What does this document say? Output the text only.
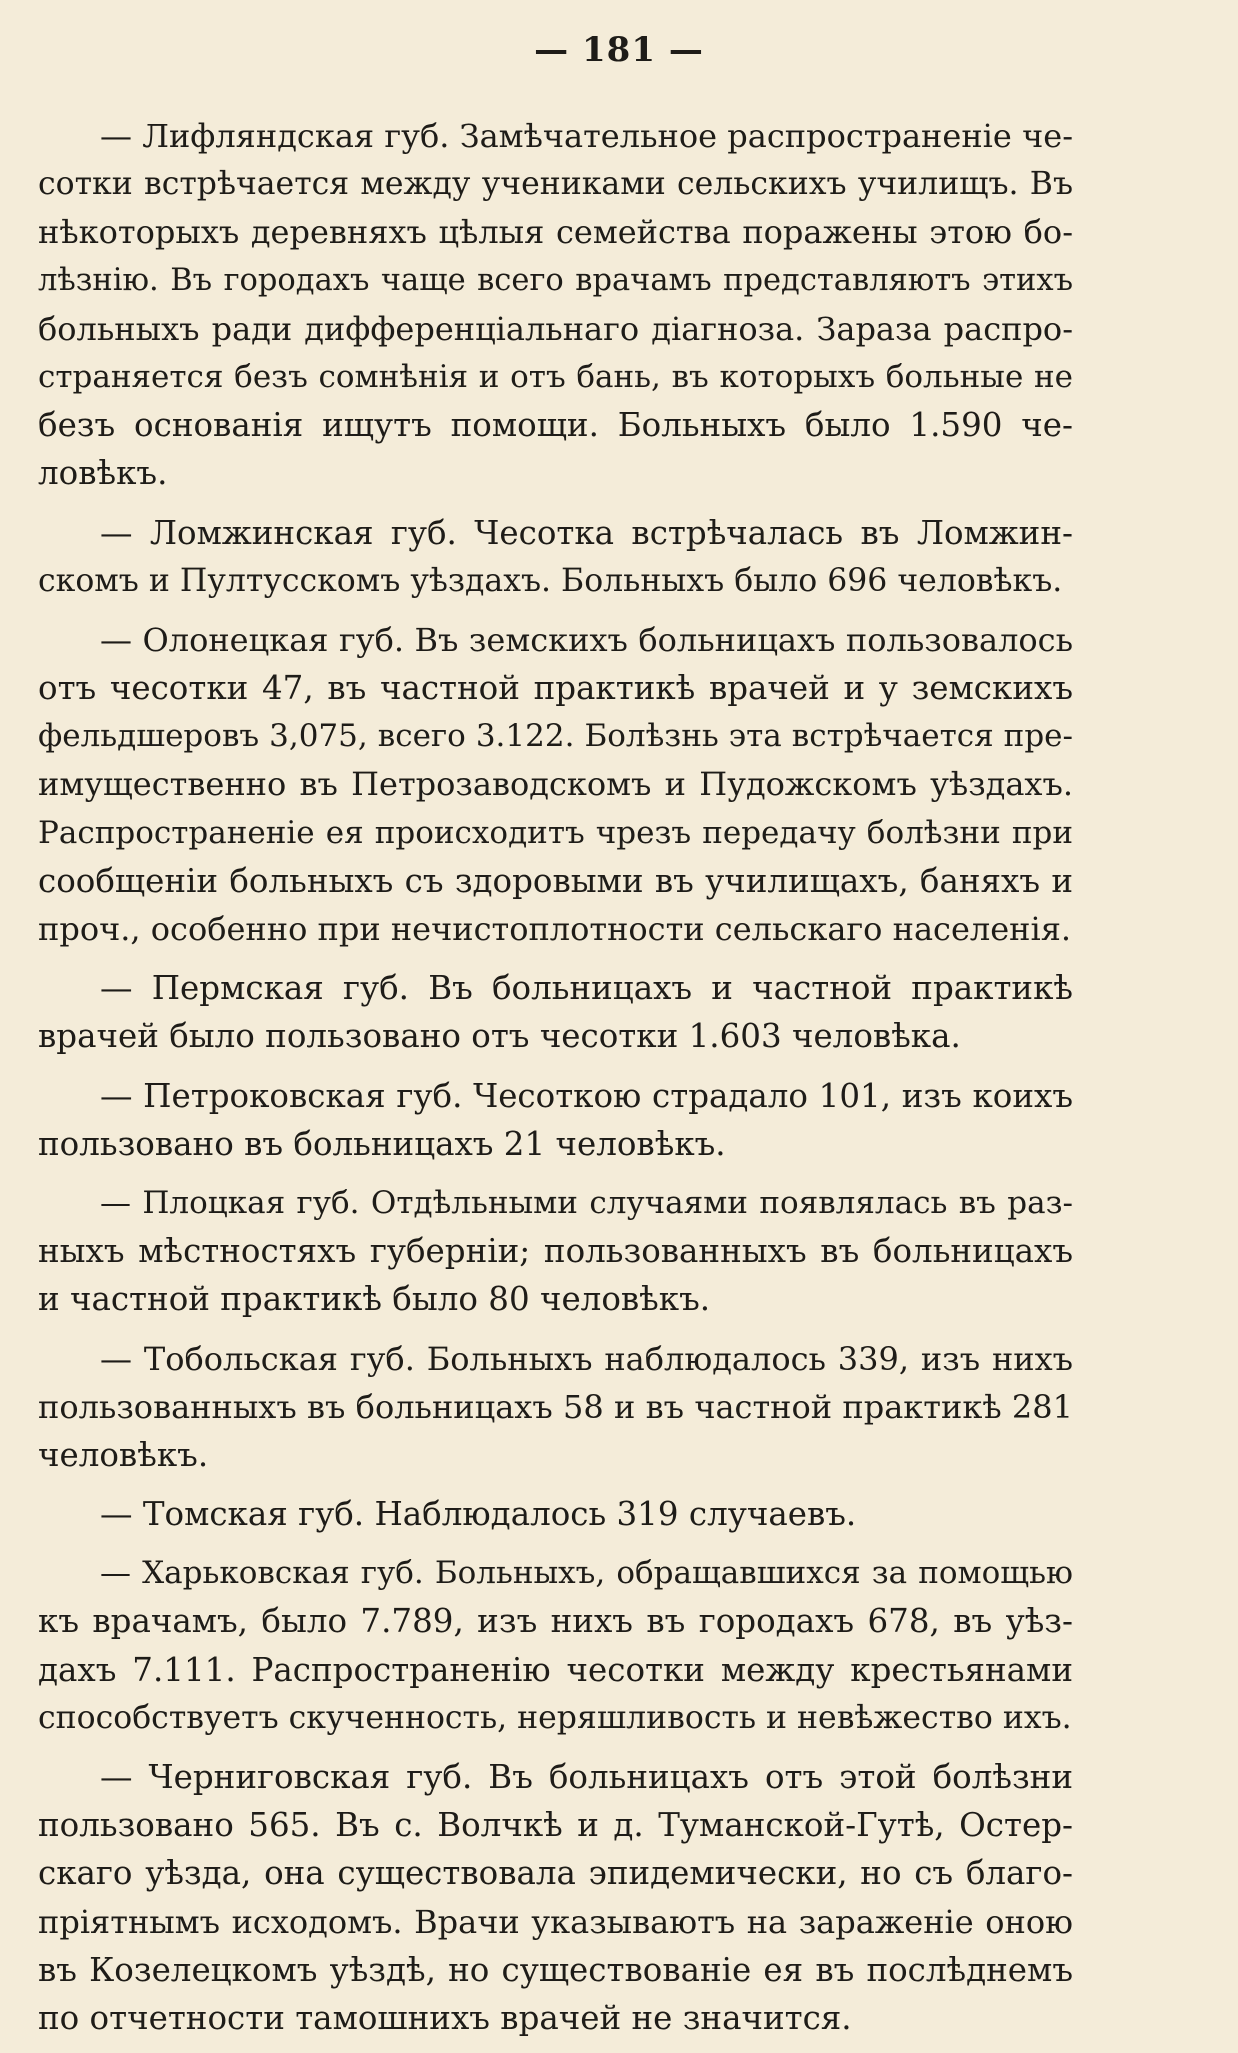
— 181 —
— Лифляндская губ. Замѣчательное распространеніе че-
сотки встрѣчается между учениками сельскихъ училищъ. Въ
нѣкоторыхъ деревняхъ цѣлыя семейства поражены этою бо-
лѣзнію. Въ городахъ чаще всего врачамъ представляютъ этихъ
больныхъ ради дифференціальнаго діагноза. Зараза распро-
страняется безъ сомнѣнія и отъ бань, въ которыхъ больные не
безъ основанія ищутъ помощи. Больныхъ было 1.590 че-
ловѣкъ.
— Ломжинская губ. Чесотка встрѣчалась въ Ломжин-
скомъ и Пултусскомъ уѣздахъ. Больныхъ было 696 человѣкъ.
— Олонецкая губ. Въ земскихъ больницахъ пользовалось
отъ чесотки 47, въ частной практикѣ врачей и у земскихъ
фельдшеровъ 3,075, всего 3.122. Болѣзнь эта встрѣчается пре-
имущественно въ Петрозаводскомъ и Пудожскомъ уѣздахъ.
Распространеніе ея происходитъ чрезъ передачу болѣзни при
сообщеніи больныхъ съ здоровыми въ училищахъ, баняхъ и
проч., особенно при нечистоплотности сельскаго населенія.
— Пермская губ. Въ больницахъ и частной практикѣ
врачей было пользовано отъ чесотки 1.603 человѣка.
— Петроковская губ. Чесоткою страдало 101, изъ коихъ
пользовано въ больницахъ 21 человѣкъ.
— Плоцкая губ. Отдѣльными случаями появлялась въ раз-
ныхъ мѣстностяхъ губерніи; пользованныхъ въ больницахъ
и частной практикѣ было 80 человѣкъ.
— Тобольская губ. Больныхъ наблюдалось 339, изъ нихъ
пользованныхъ въ больницахъ 58 и въ частной практикѣ 281
человѣкъ.
— Томская губ. Наблюдалось 319 случаевъ.
— Харьковская губ. Больныхъ, обращавшихся за помощью
къ врачамъ, было 7.789, изъ нихъ въ городахъ 678, въ уѣз-
дахъ 7.111. Распространенію чесотки между крестьянами
способствуетъ скученность, неряшливость и невѣжество ихъ.
— Черниговская губ. Въ больницахъ отъ этой болѣзни
пользовано 565. Въ с. Волчкѣ и д. Туманской-Гутѣ, Остер-
скаго уѣзда, она существовала эпидемически, но съ благо-
пріятнымъ исходомъ. Врачи указываютъ на зараженіе оною
въ Козелецкомъ уѣздѣ, но существованіе ея въ послѣднемъ
по отчетности тамошнихъ врачей не значится.
